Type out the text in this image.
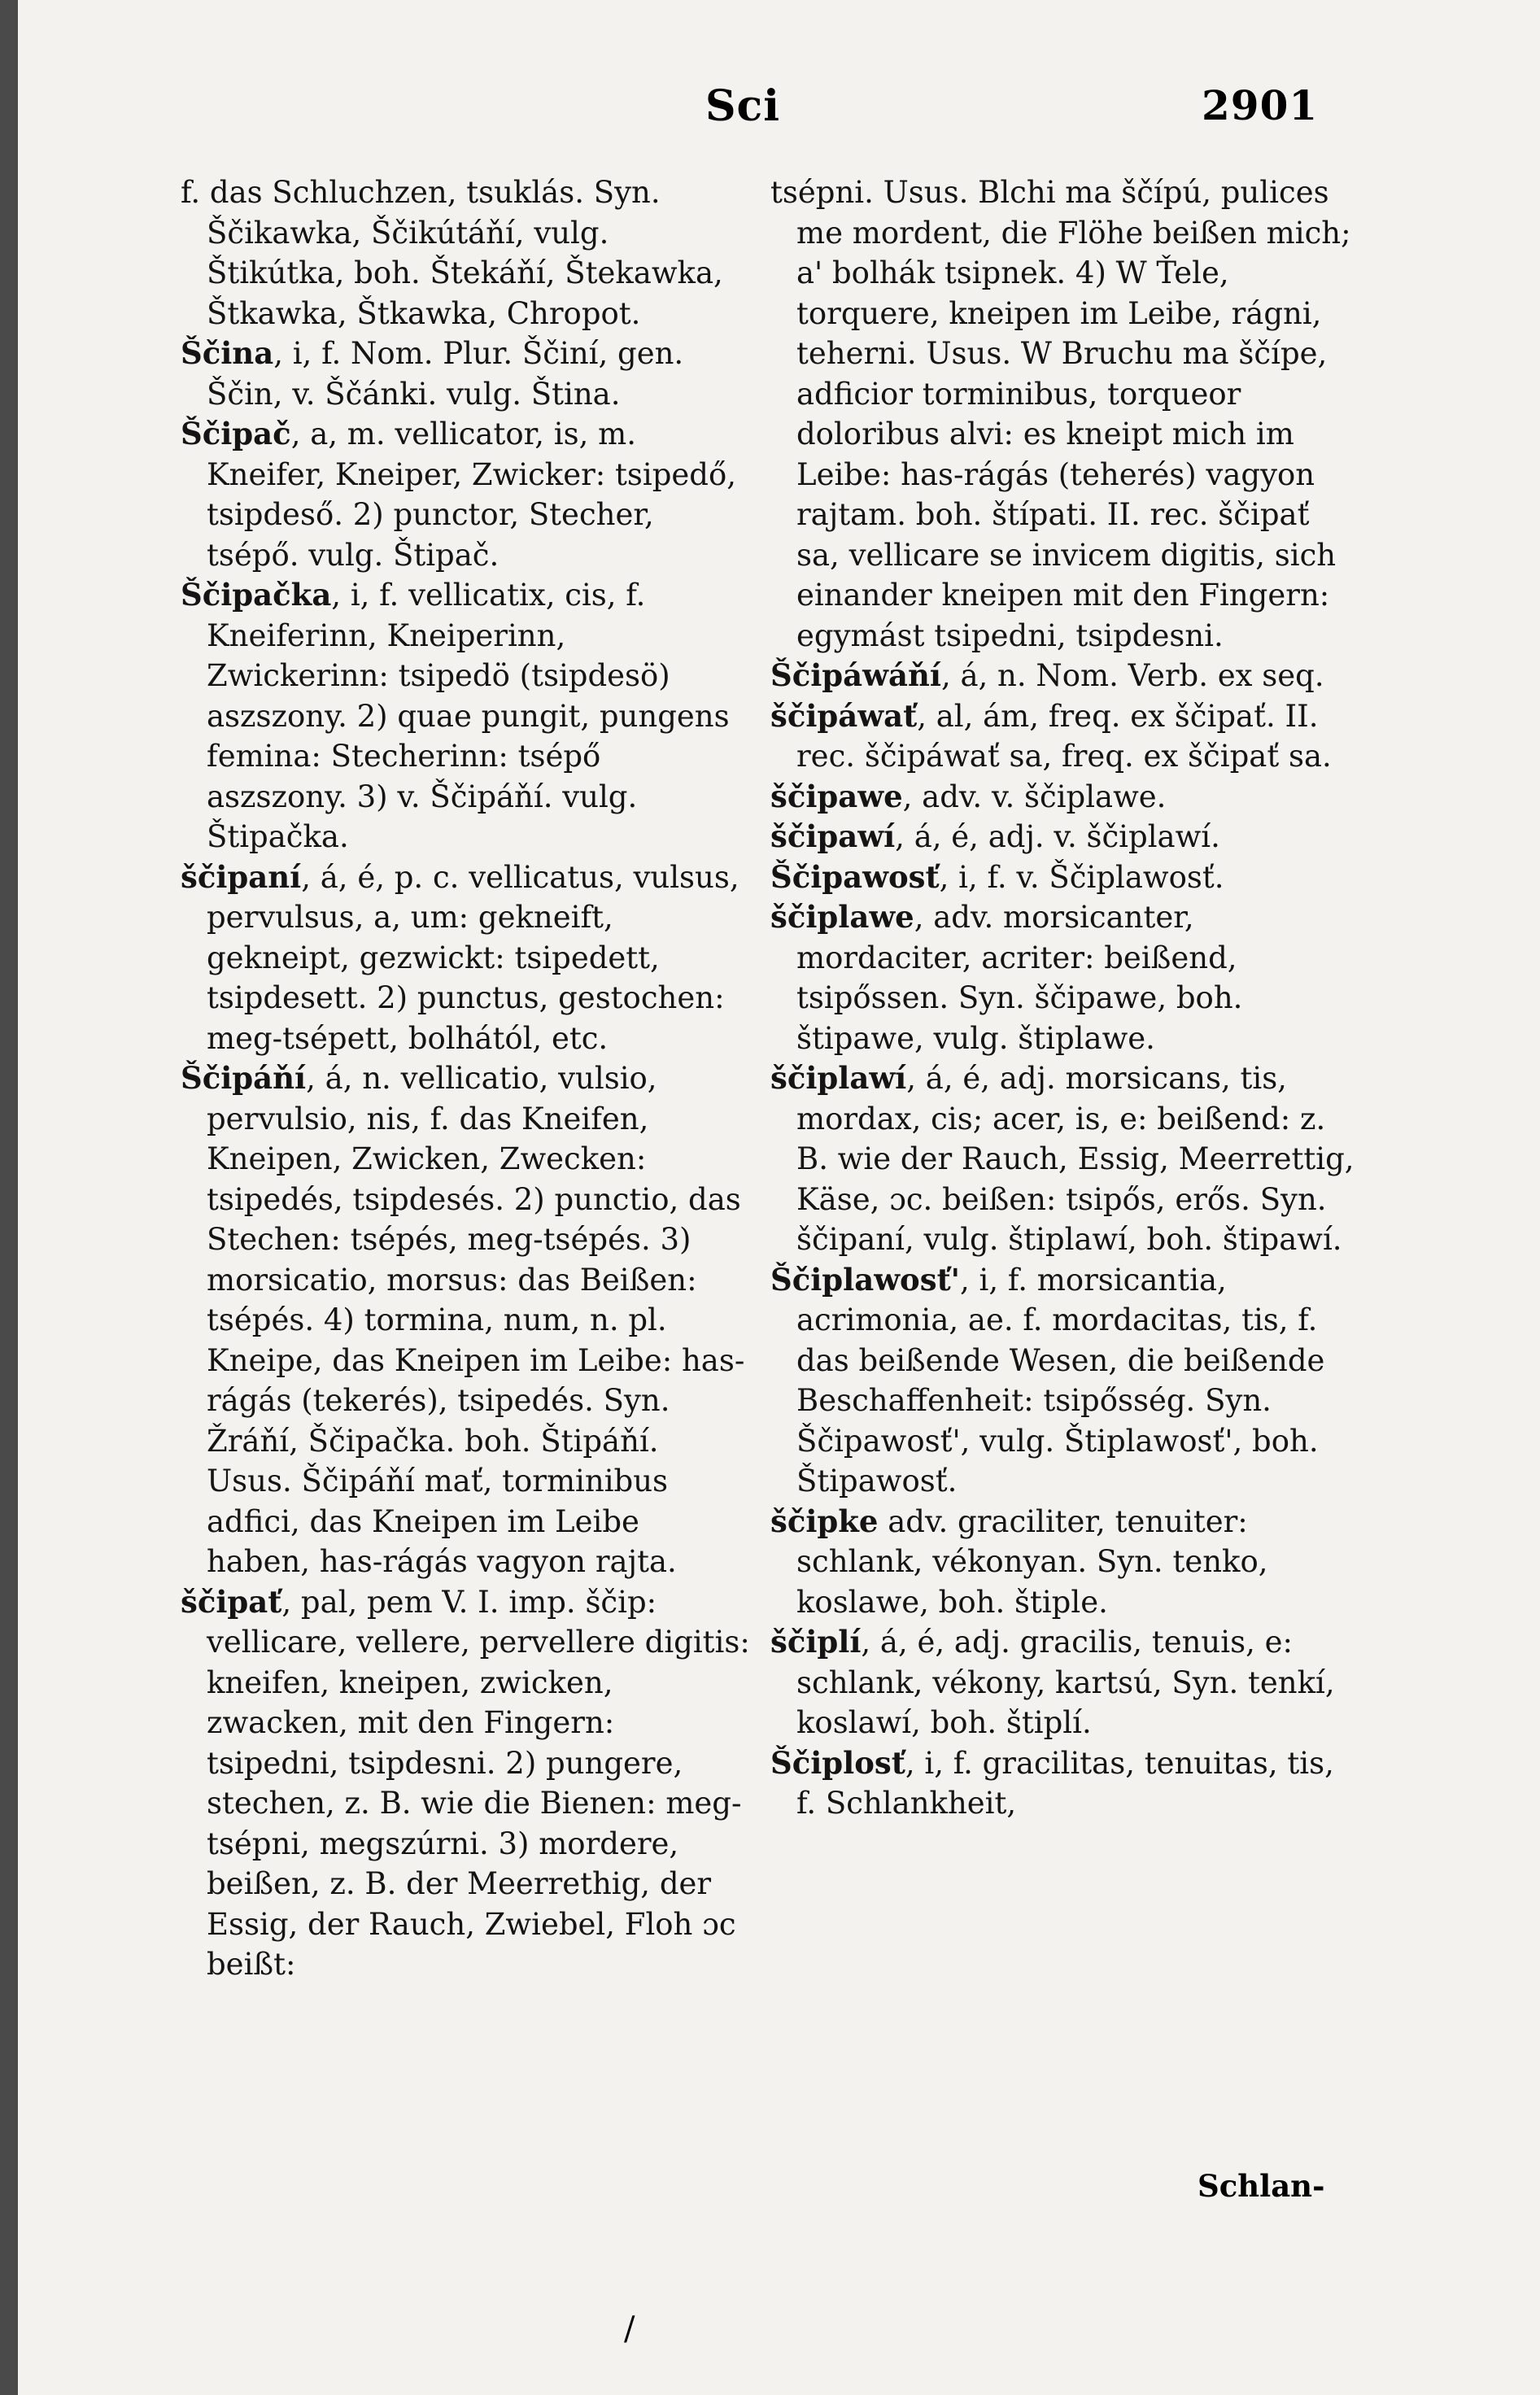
Sci	2901
f. das Schluchzen, tsuklás. Syn. Ščikawka, Ščikútáňí, vulg. Štikútka, boh. Štekáňí, Štekawka, Štkawka, Štkawka, Chropot.
Ščina, i, f. Nom. Plur. Ščiní, gen. Ščin, v. Ščánki. vulg. Ština.
Ščipač, a, m. vellicator, is, m. Kneifer, Kneiper, Zwicker: tsipedő, tsipdeső. 2) punctor, Stecher, tsépő. vulg. Štipač.
Ščipačka, i, f. vellicatix, cis, f. Kneiferinn, Kneiperinn, Zwickerinn: tsipedö (tsipdesö) aszszony. 2) quae pungit, pungens femina: Stecherinn: tsépő aszszony. 3) v. Ščipáňí. vulg. Štipačka.
ščipaní, á, é, p. c. vellicatus, vulsus, pervulsus, a, um: gekneift, gekneipt, gezwickt: tsipedett, tsipdesett. 2) punctus, gestochen: meg-tsépett, bolhától, etc.
Ščipáňí, á, n. vellicatio, vulsio, pervulsio, nis, f. das Kneifen, Kneipen, Zwicken, Zwecken: tsipedés, tsipdesés. 2) punctio, das Stechen: tsépés, meg-tsépés. 3) morsicatio, morsus: das Beißen: tsépés. 4) tormina, num, n. pl. Kneipe, das Kneipen im Leibe: has-rágás (tekerés), tsipedés. Syn. Žráňí, Ščipačka. boh. Štipáňí. Usus. Ščipáňí mať, torminibus adfici, das Kneipen im Leibe haben, has-rágás vagyon rajta.
ščipať, pal, pem V. I. imp. ščip: vellicare, vellere, pervellere digitis: kneifen, kneipen, zwicken, zwacken, mit den Fingern: tsipedni, tsipdesni. 2) pungere, stechen, z. B. wie die Bienen: meg-tsépni, megszúrni. 3) mordere, beißen, z. B. der Meerrethig, der Essig, der Rauch, Zwiebel, Floh ɔc beißt:
tsépni. Usus. Blchi ma ščípú, pulices me mordent, die Flöhe beißen mich; a' bolhák tsipnek. 4) W Ťele, torquere, kneipen im Leibe, rágni, teherni. Usus. W Bruchu ma ščípe, adficior torminibus, torqueor doloribus alvi: es kneipt mich im Leibe: has-rágás (teherés) vagyon rajtam. boh. štípati. II. rec. ščipať sa, vellicare se invicem digitis, sich einander kneipen mit den Fingern: egymást tsipedni, tsipdesni.
Ščipáwáňí, á, n. Nom. Verb. ex seq.
ščipáwať, al, ám, freq. ex ščipať. II. rec. ščipáwať sa, freq. ex ščipať sa.
ščipawe, adv. v. ščiplawe.
ščipawí, á, é, adj. v. ščiplawí.
Ščipawosť, i, f. v. Ščiplawosť.
ščiplawe, adv. morsicanter, mordaciter, acriter: beißend, tsipőssen. Syn. ščipawe, boh. štipawe, vulg. štiplawe.
ščiplawí, á, é, adj. morsicans, tis, mordax, cis; acer, is, e: beißend: z. B. wie der Rauch, Essig, Meerrettig, Käse, ɔc. beißen: tsipős, erős. Syn. ščipaní, vulg. štiplawí, boh. štipawí.
Ščiplawosť', i, f. morsicantia, acrimonia, ae. f. mordacitas, tis, f. das beißende Wesen, die beißende Beschaffenheit: tsipősség. Syn. Ščipawosť', vulg. Štiplawosť', boh. Štipawosť.
ščipke adv. graciliter, tenuiter: schlank, vékonyan. Syn. tenko, koslawe, boh. štiple.
ščiplí, á, é, adj. gracilis, tenuis, e: schlank, vékony, kartsú, Syn. tenkí, koslawí, boh. štiplí.
Ščiplosť, i, f. gracilitas, tenuitas, tis, f. Schlankheit,
Schlan-
/
